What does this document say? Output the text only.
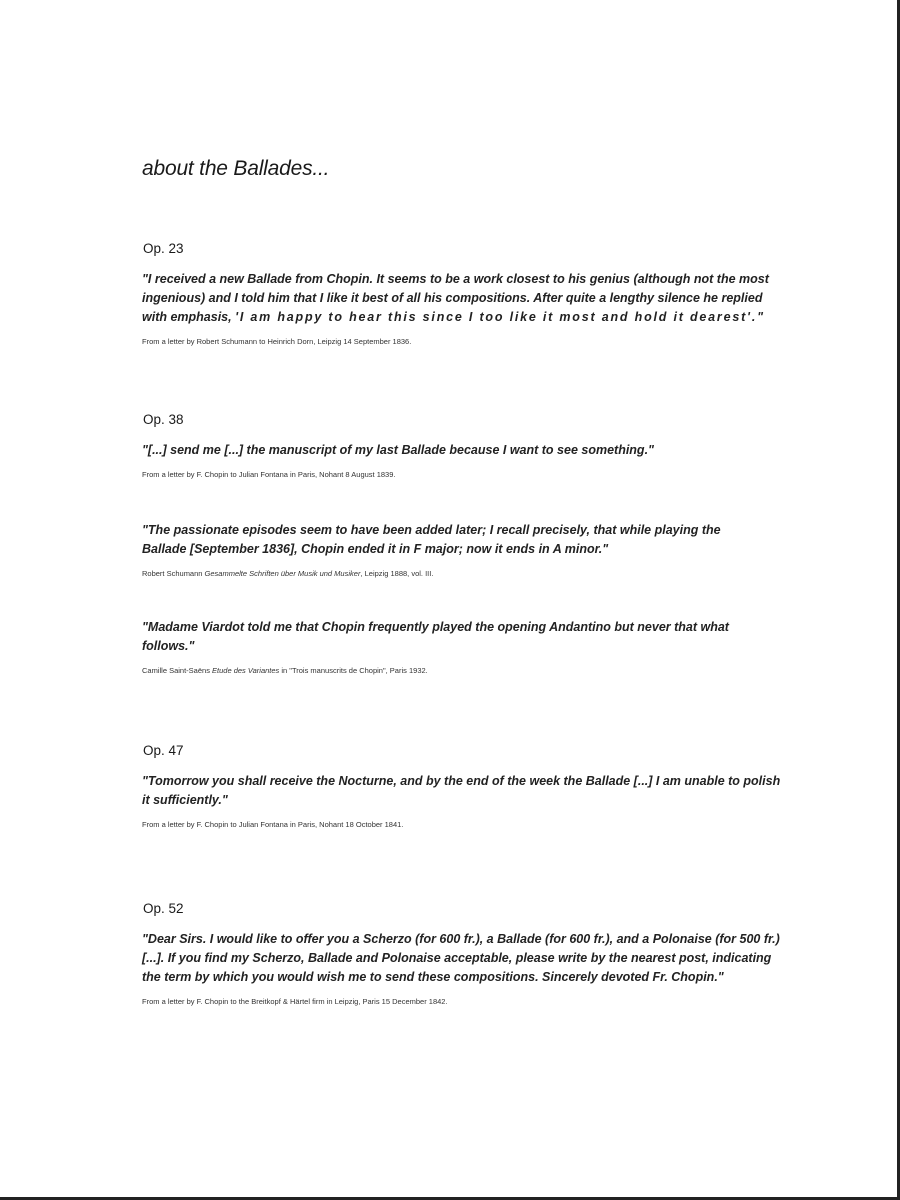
about the Ballades...
Op. 23

"I received a new Ballade from Chopin. It seems to be a work closest to his genius (although not the most ingenious) and I told him that I like it best of all his compositions. After quite a lengthy silence he replied with emphasis, 'I am happy to hear this since I too like it most and hold it dearest'."

From a letter by Robert Schumann to Heinrich Dorn, Leipzig 14 September 1836.

Op. 38

"[...] send me [...] the manuscript of my last Ballade because I want to see something."

From a letter by F. Chopin to Julian Fontana in Paris, Nohant 8 August 1839.

"The passionate episodes seem to have been added later; I recall precisely, that while playing the Ballade [September 1836], Chopin ended it in F major; now it ends in A minor."

Robert Schumann Gesammelte Schriften über Musik und Musiker, Leipzig 1888, vol. III.

"Madame Viardot told me that Chopin frequently played the opening Andantino but never that what follows."

Camille Saint-Saëns Etude des Variantes in "Trois manuscrits de Chopin", Paris 1932.

Op. 47

"Tomorrow you shall receive the Nocturne, and by the end of the week the Ballade [...] I am unable to polish it sufficiently."

From a letter by F. Chopin to Julian Fontana in Paris, Nohant 18 October 1841.

Op. 52

"Dear Sirs. I would like to offer you a Scherzo (for 600 fr.), a Ballade (for 600 fr.), and a Polonaise (for 500 fr.) [...]. If you find my Scherzo, Ballade and Polonaise acceptable, please write by the nearest post, indicating the term by which you would wish me to send these compositions. Sincerely devoted Fr. Chopin."

From a letter by F. Chopin to the Breitkopf & Härtel firm in Leipzig, Paris 15 December 1842.
